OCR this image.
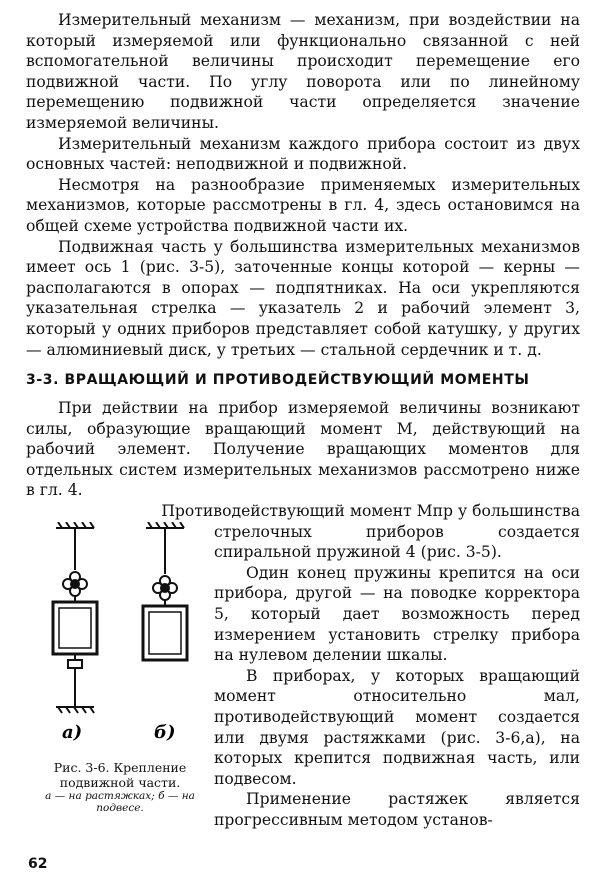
Измерительный механизм — механизм, при воздействии на который измеряемой или функционально связанной с ней вспомогательной величины происходит перемещение его подвижной части. По углу поворота или по линейному перемещению подвижной части определяется значение измеряемой величины.

Измерительный механизм каждого прибора состоит из двух основных частей: неподвижной и подвижной.

Несмотря на разнообразие применяемых измерительных механизмов, которые рассмотрены в гл. 4, здесь остановимся на общей схеме устройства подвижной части их.

Подвижная часть у большинства измерительных механизмов имеет ось 1 (рис. 3-5), заточенные концы которой — керны — располагаются в опорах — подпятниках. На оси укрепляются указательная стрелка — указатель 2 и рабочий элемент 3, который у одних приборов представляет собой катушку, у других — алюминиевый диск, у третьих — стальной сердечник и т. д.

3-3. ВРАЩАЮЩИЙ И ПРОТИВОДЕЙСТВУЮЩИЙ МОМЕНТЫ

При действии на прибор измеряемой величины возникают силы, образующие вращающий момент M, действующий на рабочий элемент. Получение вращающих моментов для отдельных систем измерительных механизмов рассмотрено ниже в гл. 4.

Противодействующий момент Mпр у большинства

а)	б)
Рис. 3-6. Крепление подвижной части.
а — на растяжках; б — на подвесе.

стрелочных приборов создается спиральной пружиной 4 (рис. 3-5).

Один конец пружины крепится на оси прибора, другой — на поводке корректора 5, который дает возможность перед измерением установить стрелку прибора на нулевом делении шкалы.

В приборах, у которых вращающий момент относительно мал, противодействующий момент создается или двумя растяжками (рис. 3-6,а), на которых крепится подвижная часть, или подвесом.

Применение растяжек является прогрессивным методом установ-

62
